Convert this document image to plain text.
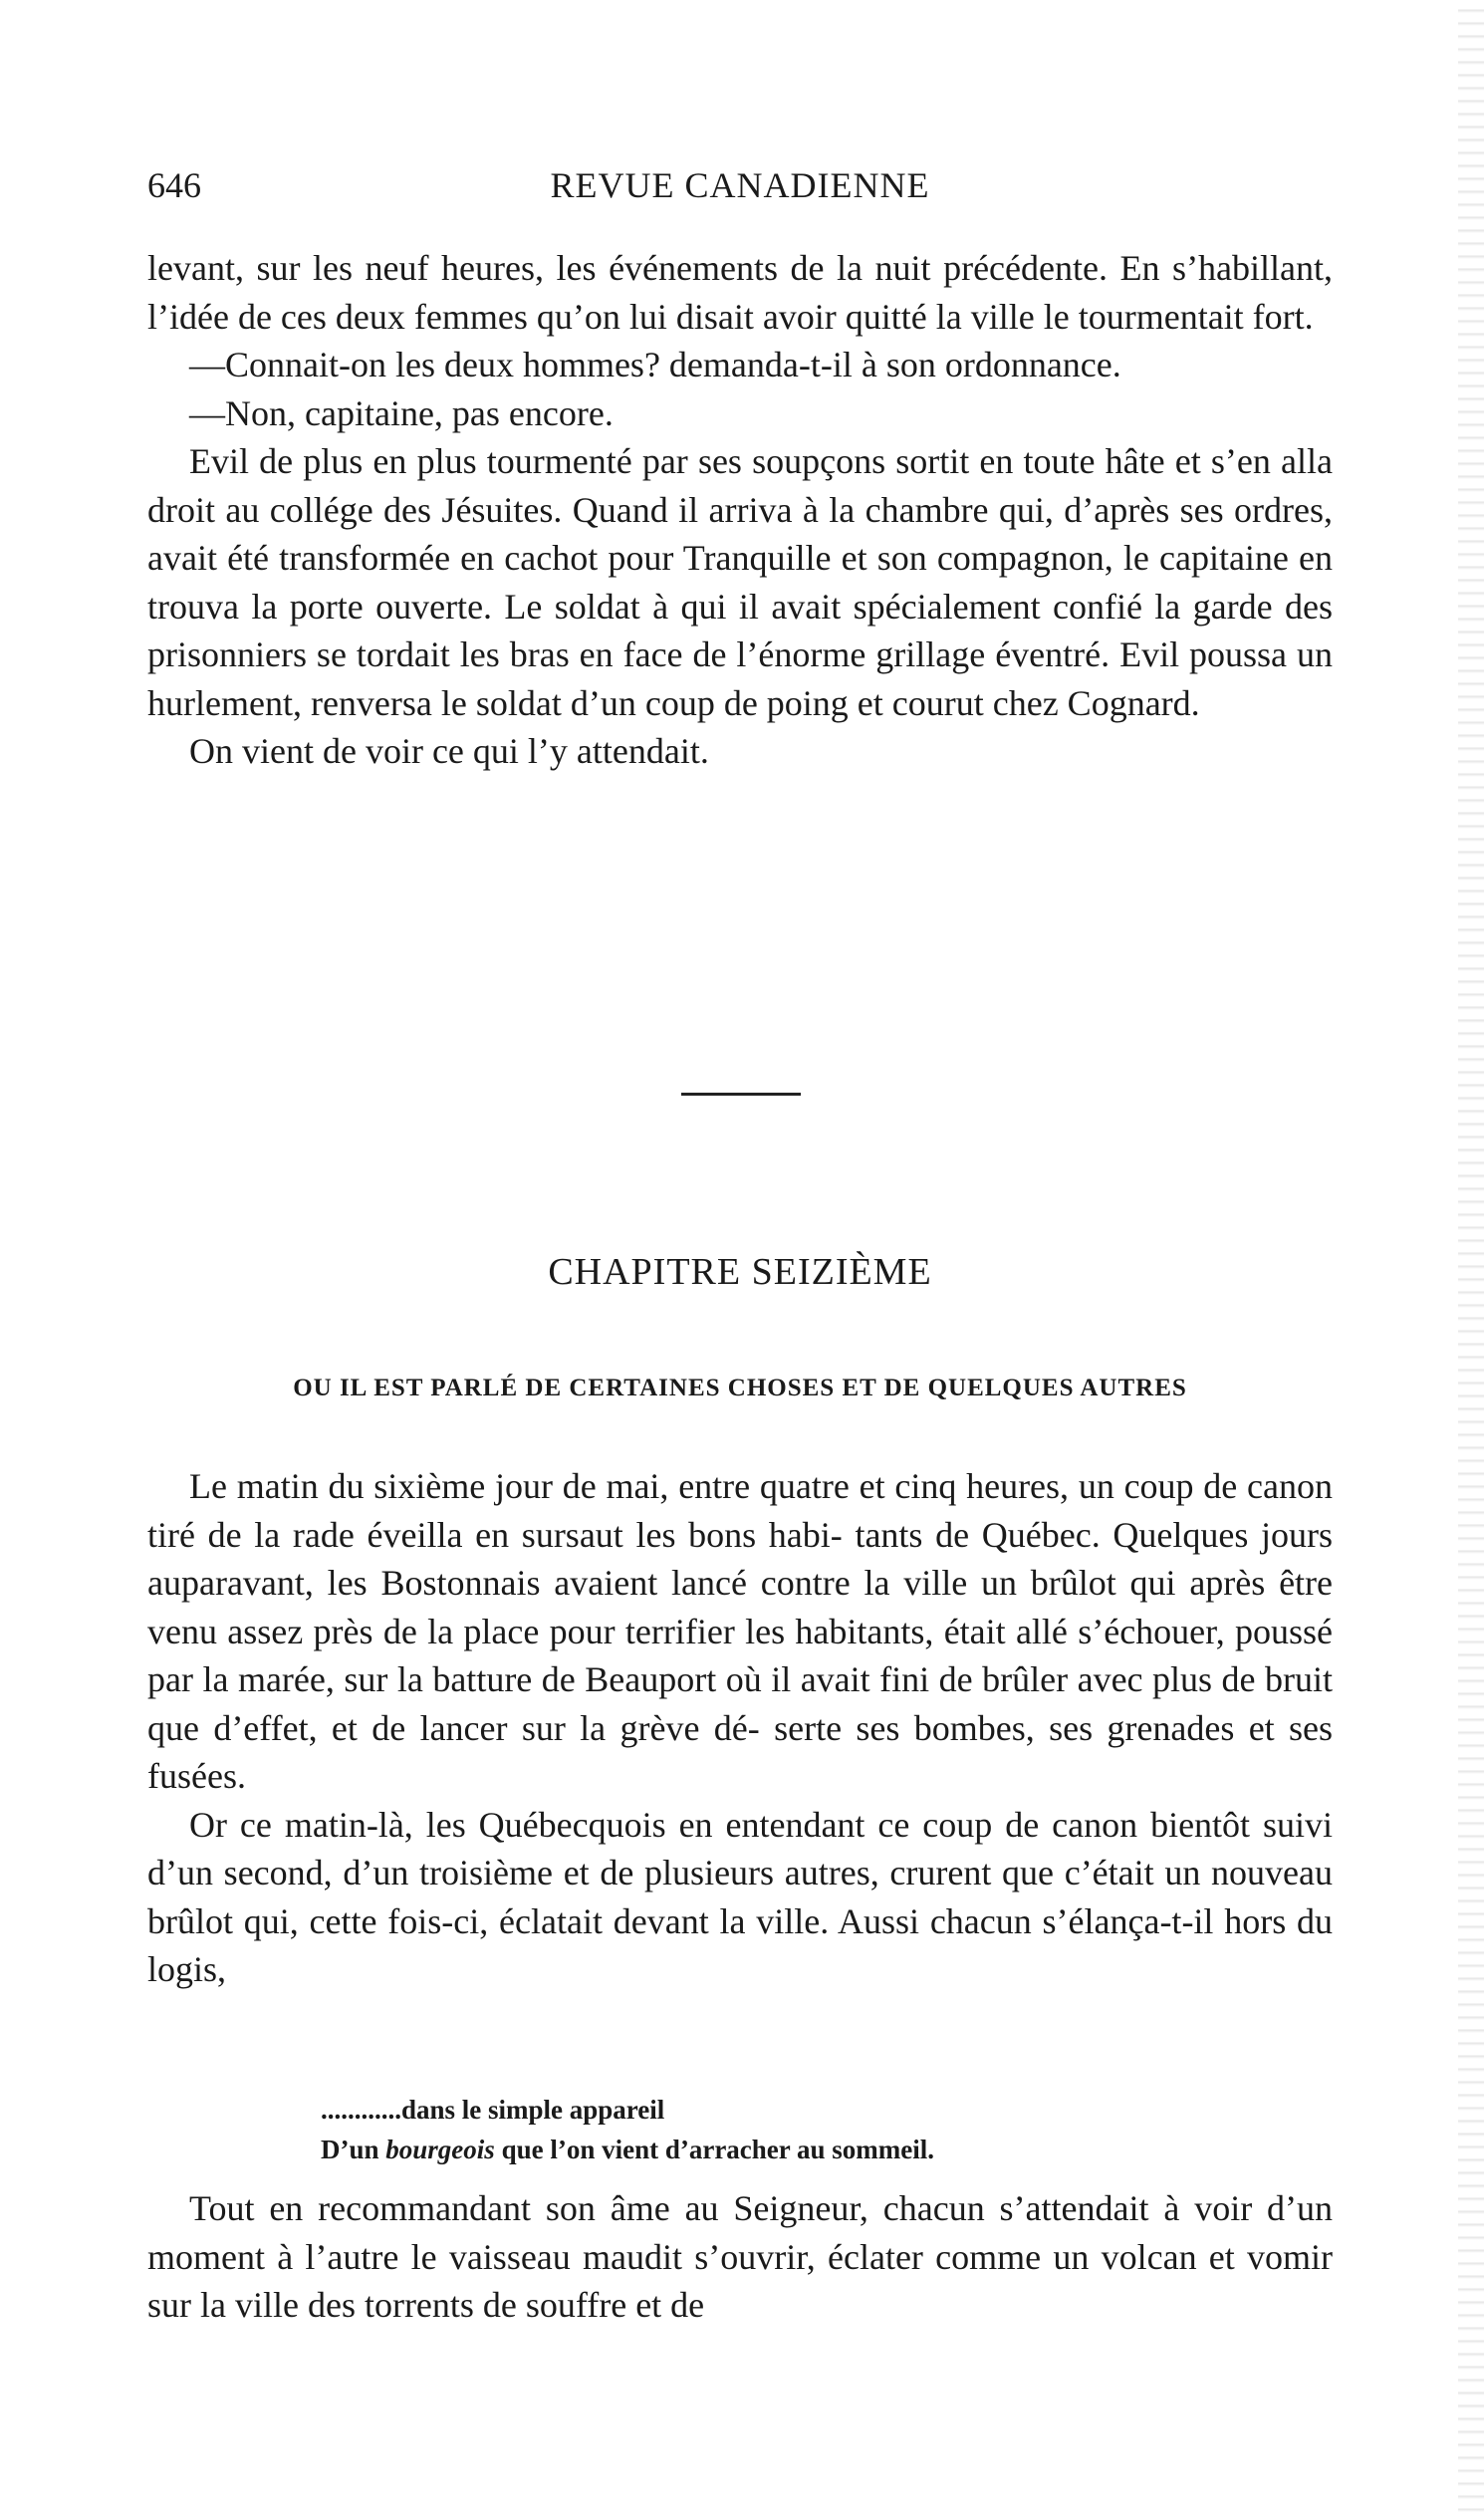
646	REVUE CANADIENNE

levant, sur les neuf heures, les événements de la nuit précédente. En s’habillant, l’idée de ces deux femmes qu’on lui disait avoir quitté la ville le tourmentait fort.

—Connait-on les deux hommes? demanda-t-il à son ordonnance.

—Non, capitaine, pas encore.

Evil de plus en plus tourmenté par ses soupçons sortit en toute hâte et s’en alla droit au collége des Jésuites. Quand il arriva à la chambre qui, d’après ses ordres, avait été transformée en cachot pour Tranquille et son compagnon, le capitaine en trouva la porte ouverte. Le soldat à qui il avait spécialement confié la garde des prisonniers se tordait les bras en face de l’énorme grillage éventré. Evil poussa un hurlement, renversa le soldat d’un coup de poing et courut chez Cognard.

On vient de voir ce qui l’y attendait.

CHAPITRE SEIZIÈME
OU IL EST PARLÉ DE CERTAINES CHOSES ET DE QUELQUES AUTRES

Le matin du sixième jour de mai, entre quatre et cinq heures, un coup de canon tiré de la rade éveilla en sursaut les bons habi- tants de Québec. Quelques jours auparavant, les Bostonnais avaient lancé contre la ville un brûlot qui après être venu assez près de la place pour terrifier les habitants, était allé s’échouer, poussé par la marée, sur la batture de Beauport où il avait fini de brûler avec plus de bruit que d’effet, et de lancer sur la grève dé- serte ses bombes, ses grenades et ses fusées.

Or ce matin-là, les Québecquois en entendant ce coup de canon bientôt suivi d’un second, d’un troisième et de plusieurs autres, crurent que c’était un nouveau brûlot qui, cette fois-ci, éclatait devant la ville. Aussi chacun s’élança-t-il hors du logis,

............dans le simple appareil
D’un bourgeois que l’on vient d’arracher au sommeil.

Tout en recommandant son âme au Seigneur, chacun s’attendait à voir d’un moment à l’autre le vaisseau maudit s’ouvrir, éclater comme un volcan et vomir sur la ville des torrents de souffre et de
